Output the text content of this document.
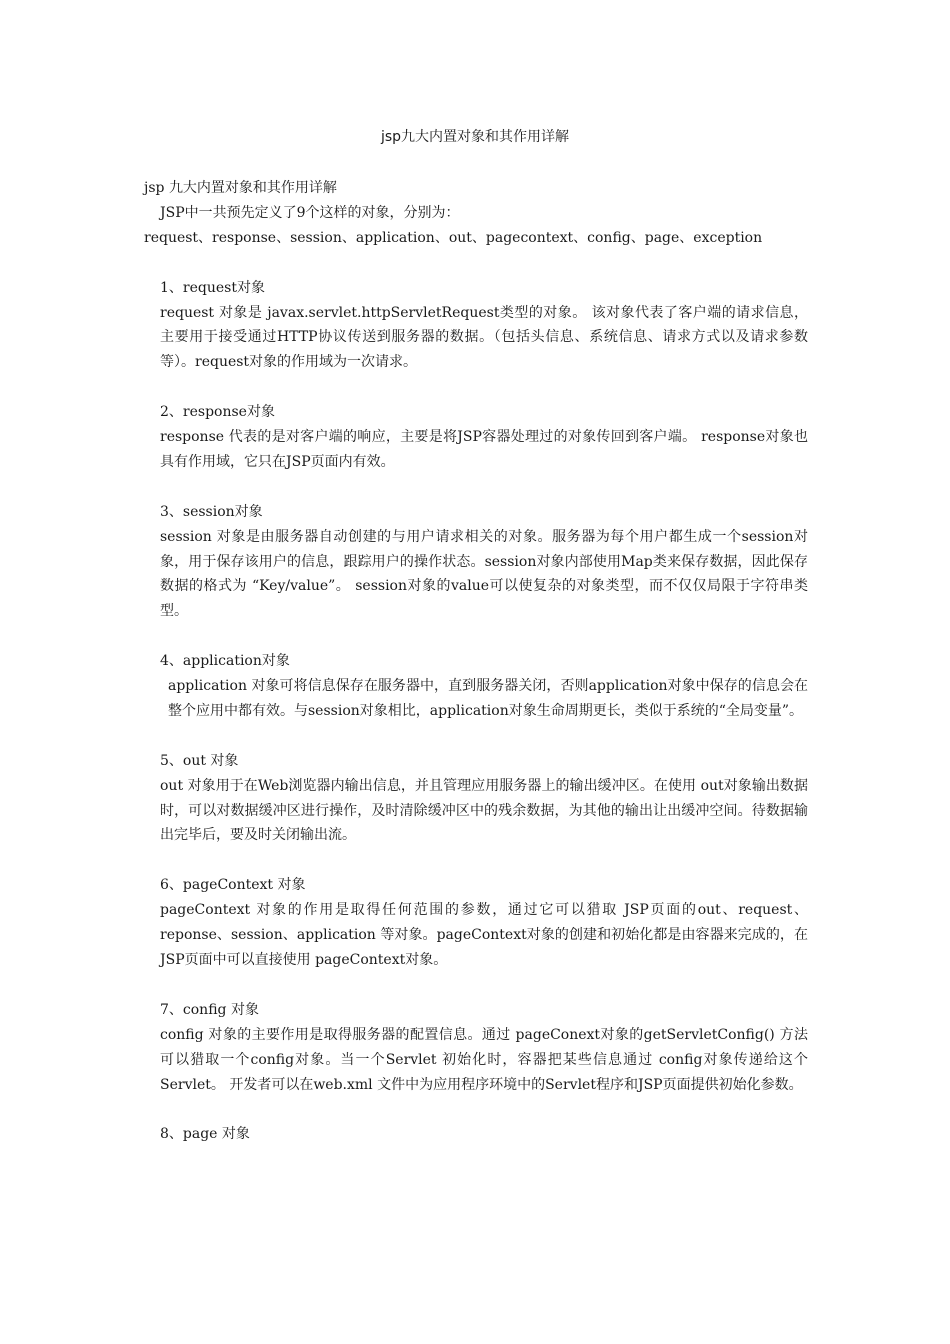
jsp九大内置对象和其作用详解

jsp 九大内置对象和其作用详解

JSP中一共预先定义了9个这样的对象，分别为：

request、response、session、application、out、pagecontext、config、page、exception

1、request对象

request 对象是 javax.servlet.httpServletRequest类型的对象。 该对象代表了客户端的请求信息，主要用于接受通过HTTP协议传送到服务器的数据。（包括头信息、系统信息、请求方式以及请求参数等）。request对象的作用域为一次请求。

2、response对象

response 代表的是对客户端的响应，主要是将JSP容器处理过的对象传回到客户端。 response对象也具有作用域，它只在JSP页面内有效。

3、session对象

session 对象是由服务器自动创建的与用户请求相关的对象。服务器为每个用户都生成一个session对象，用于保存该用户的信息，跟踪用户的操作状态。session对象内部使用Map类来保存数据，因此保存数据的格式为 “Key/value”。 session对象的value可以使复杂的对象类型，而不仅仅局限于字符串类型。

4、application对象

application 对象可将信息保存在服务器中，直到服务器关闭，否则application对象中保存的信息会在整个应用中都有效。与session对象相比，application对象生命周期更长，类似于系统的“全局变量”。

5、out 对象

out 对象用于在Web浏览器内输出信息，并且管理应用服务器上的输出缓冲区。在使用 out对象输出数据时，可以对数据缓冲区进行操作，及时清除缓冲区中的残余数据，为其他的输出让出缓冲空间。待数据输出完毕后，要及时关闭输出流。

6、pageContext 对象

pageContext 对象的作用是取得任何范围的参数，通过它可以猎取 JSP页面的out、request、reponse、session、application 等对象。pageContext对象的创建和初始化都是由容器来完成的，在JSP页面中可以直接使用 pageContext对象。

7、config 对象

config 对象的主要作用是取得服务器的配置信息。通过 pageConext对象的getServletConfig() 方法可以猎取一个config对象。当一个Servlet 初始化时，容器把某些信息通过 config对象传递给这个 Servlet。 开发者可以在web.xml 文件中为应用程序环境中的Servlet程序和JSP页面提供初始化参数。

8、page 对象
